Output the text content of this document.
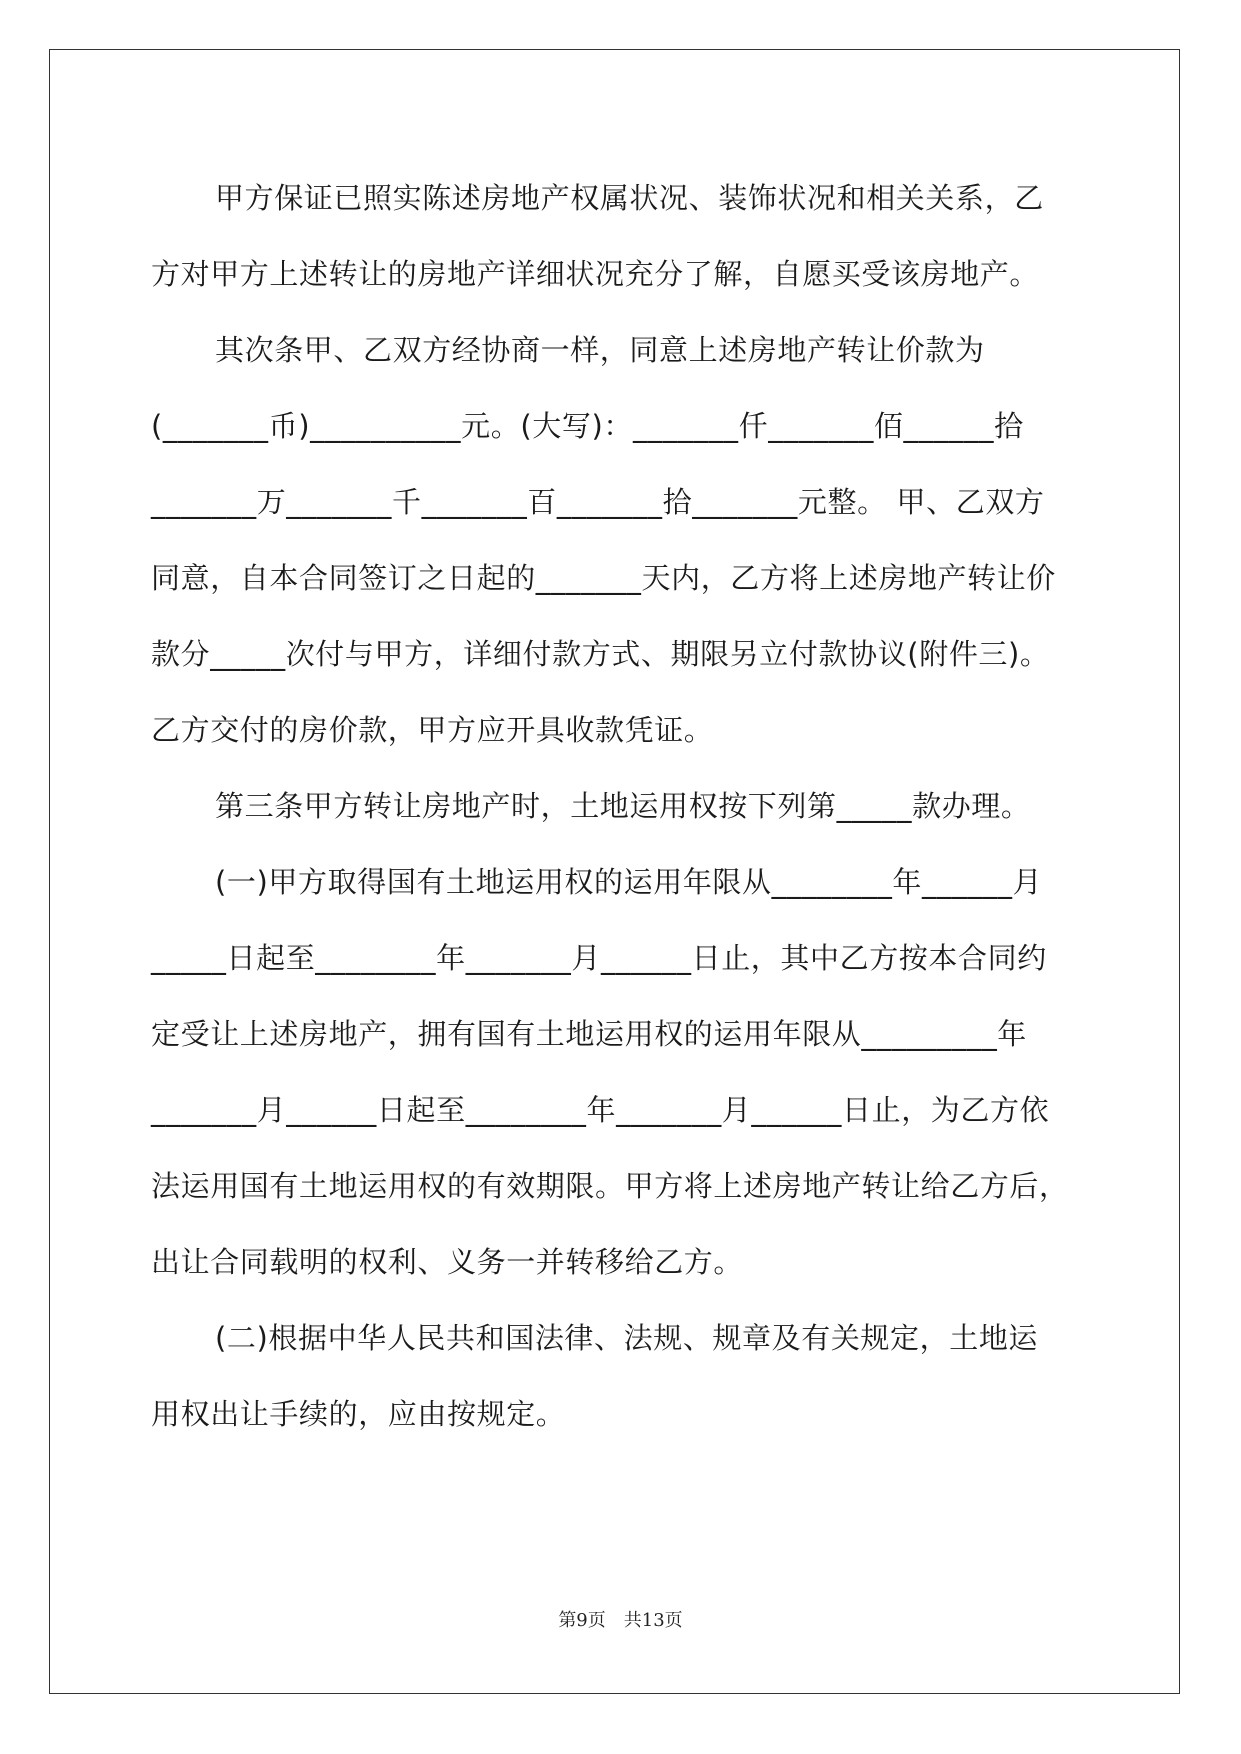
甲方保证已照实陈述房地产权属状况、装饰状况和相关关系，乙
方对甲方上述转让的房地产详细状况充分了解，自愿买受该房地产。
其次条甲、乙双方经协商一样，同意上述房地产转让价款为
(_______币)__________元。(大写)：_______仟_______佰______拾
_______万_______千_______百_______拾_______元整。 甲、乙双方
同意，自本合同签订之日起的_______天内，乙方将上述房地产转让价
款分_____次付与甲方，详细付款方式、期限另立付款协议(附件三)。
乙方交付的房价款，甲方应开具收款凭证。
第三条甲方转让房地产时，土地运用权按下列第_____款办理。
(一)甲方取得国有土地运用权的运用年限从________年______月
_____日起至________年_______月______日止，其中乙方按本合同约
定受让上述房地产，拥有国有土地运用权的运用年限从_________年
_______月______日起至________年_______月______日止，为乙方依
法运用国有土地运用权的有效期限。甲方将上述房地产转让给乙方后，
出让合同载明的权利、义务一并转移给乙方。
(二)根据中华人民共和国法律、法规、规章及有关规定，土地运
用权出让手续的，应由按规定。
第9页　共13页
